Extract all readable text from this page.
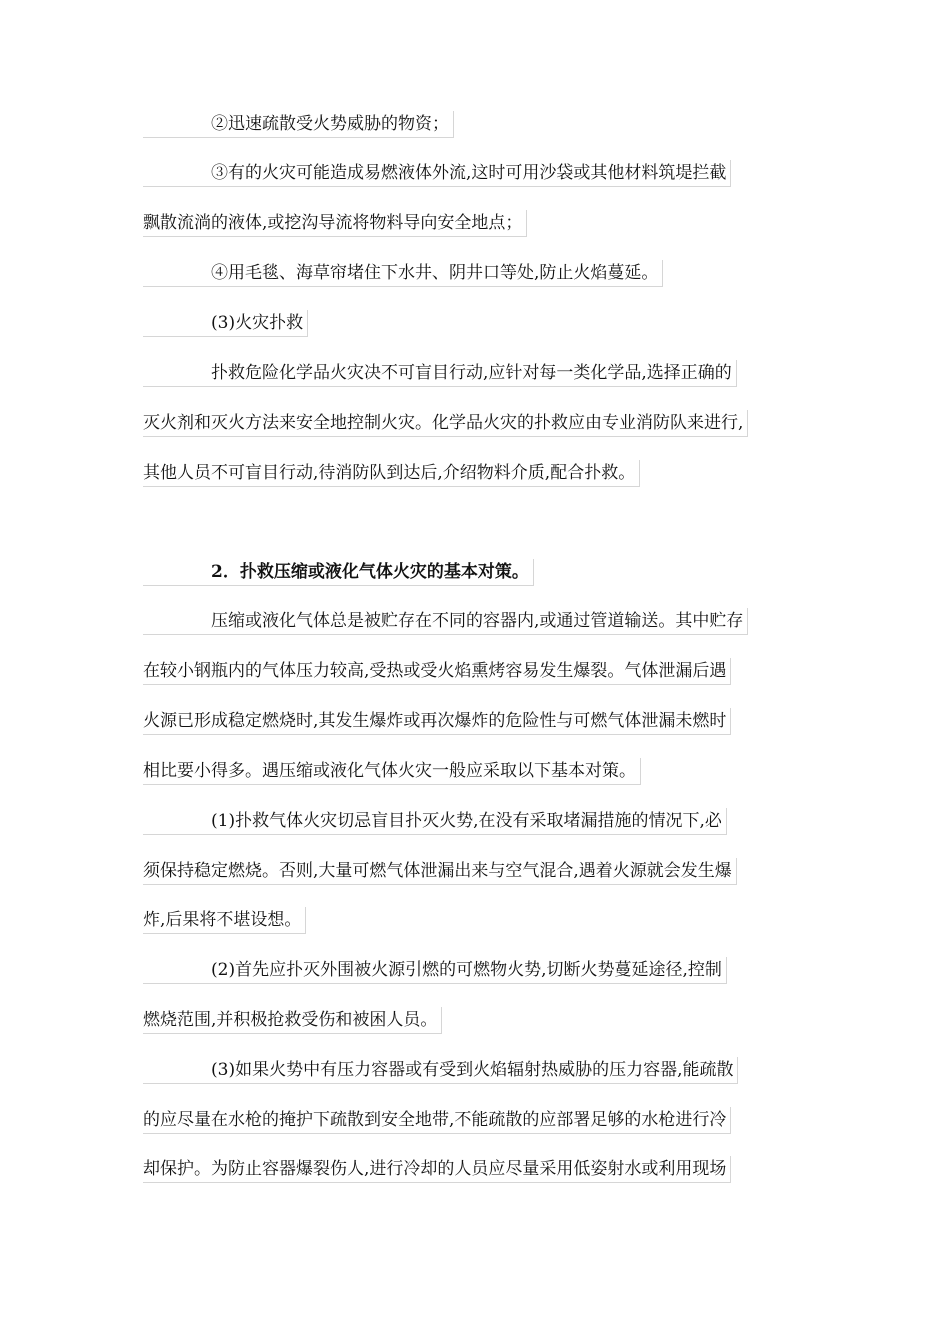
　　　　②迅速疏散受火势威胁的物资；
　　　　③有的火灾可能造成易燃液体外流,这时可用沙袋或其他材料筑堤拦截
飘散流淌的液体,或挖沟导流将物料导向安全地点；
　　　　④用毛毯、海草帘堵住下水井、阴井口等处,防止火焰蔓延。
　　　　(3)火灾扑救
　　　　扑救危险化学品火灾决不可盲目行动,应针对每一类化学品,选择正确的
灭火剂和灭火方法来安全地控制火灾。化学品火灾的扑救应由专业消防队来进行,
其他人员不可盲目行动,待消防队到达后,介绍物料介质,配合扑救。
　　　　2．扑救压缩或液化气体火灾的基本对策。
　　　　压缩或液化气体总是被贮存在不同的容器内,或通过管道输送。其中贮存
在较小钢瓶内的气体压力较高,受热或受火焰熏烤容易发生爆裂。气体泄漏后遇
火源已形成稳定燃烧时,其发生爆炸或再次爆炸的危险性与可燃气体泄漏未燃时
相比要小得多。遇压缩或液化气体火灾一般应采取以下基本对策。
　　　　(1)扑救气体火灾切忌盲目扑灭火势,在没有采取堵漏措施的情况下,必
须保持稳定燃烧。否则,大量可燃气体泄漏出来与空气混合,遇着火源就会发生爆
炸,后果将不堪设想。
　　　　(2)首先应扑灭外围被火源引燃的可燃物火势,切断火势蔓延途径,控制
燃烧范围,并积极抢救受伤和被困人员。
　　　　(3)如果火势中有压力容器或有受到火焰辐射热威胁的压力容器,能疏散
的应尽量在水枪的掩护下疏散到安全地带,不能疏散的应部署足够的水枪进行冷
却保护。为防止容器爆裂伤人,进行冷却的人员应尽量采用低姿射水或利用现场
